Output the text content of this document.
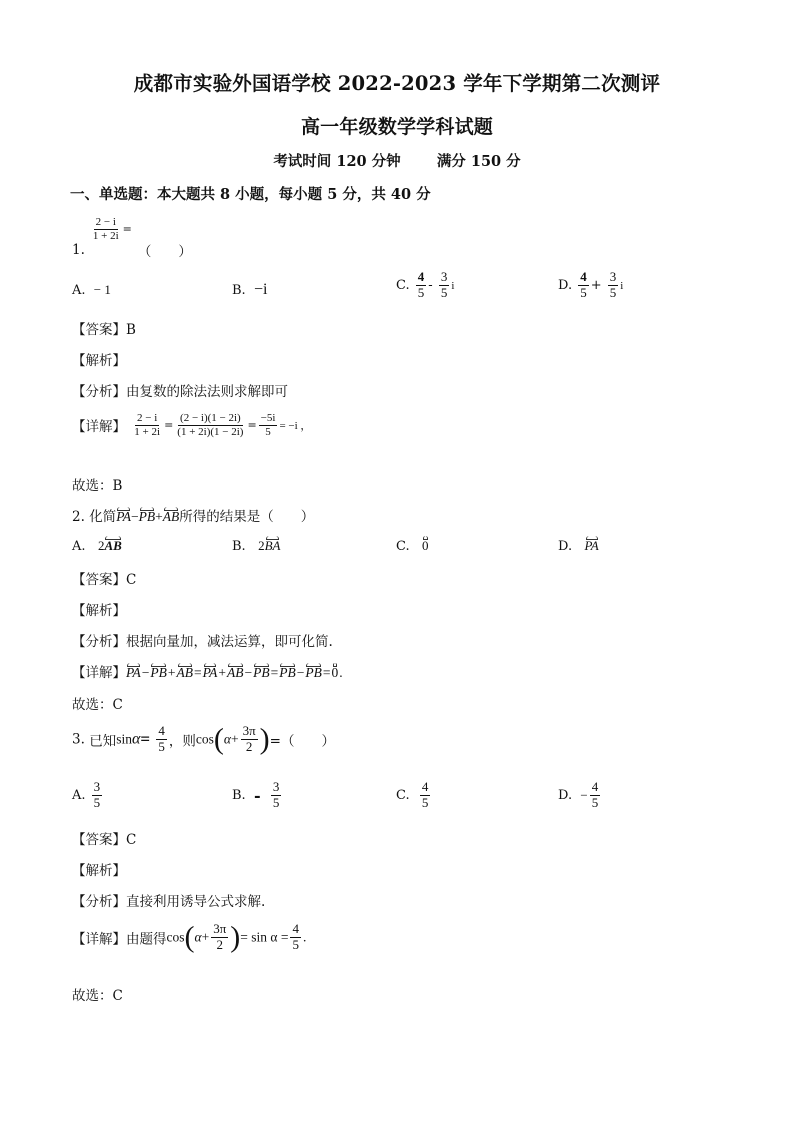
成都市实验外国语学校 2022-2023 学年下学期第二次测评
高一年级数学学科试题
考试时间 120 分钟 满分 150 分
一、单选题：本大题共 8 小题，每小题 5 分，共 40 分
1.
$\frac{2 - i}{1 + 2i}$ =
（　　）
A. − 1	B. −i	C. $\frac{4}{5} - \frac{3}{5}$ i	D. $\frac{4}{5} + \frac{3}{5}$ i
【答案】B
【解析】
【分析】由复数的除法法则求解即可
【详解】 $\frac{2 - i}{1 + 2i} = \frac{(2 - i)(1 - 2i)}{(1 + 2i)(1 - 2i)} = \frac{-5i}{5} = -i$ ，
故选：B
2. 化简PA−PB+AB所得的结果是（　　）
A. 2AB	B. 2BA	C. 0	D. PA
【答案】C
【解析】
【分析】根据向量加，减法运算，即可化简.
【详解】PA−PB+AB=PA+AB−PB=PB−PB=0.
故选：C
3. 已知$\sin\alpha= \frac{4}{5}$ ，则$\cos(\alpha+ \frac{3\pi}{2}$ )=（　　）
A. $\frac{3}{5}$	B. - $\frac{3}{5}$	C. $\frac{4}{5}$	D. − $\frac{4}{5}$
【答案】C
【解析】
【分析】直接利用诱导公式求解.
【详解】由题得$\cos(\alpha+ \frac{3\pi}{2}$ )= $\sin \alpha = \frac{4}{5}$ .
故选：C
